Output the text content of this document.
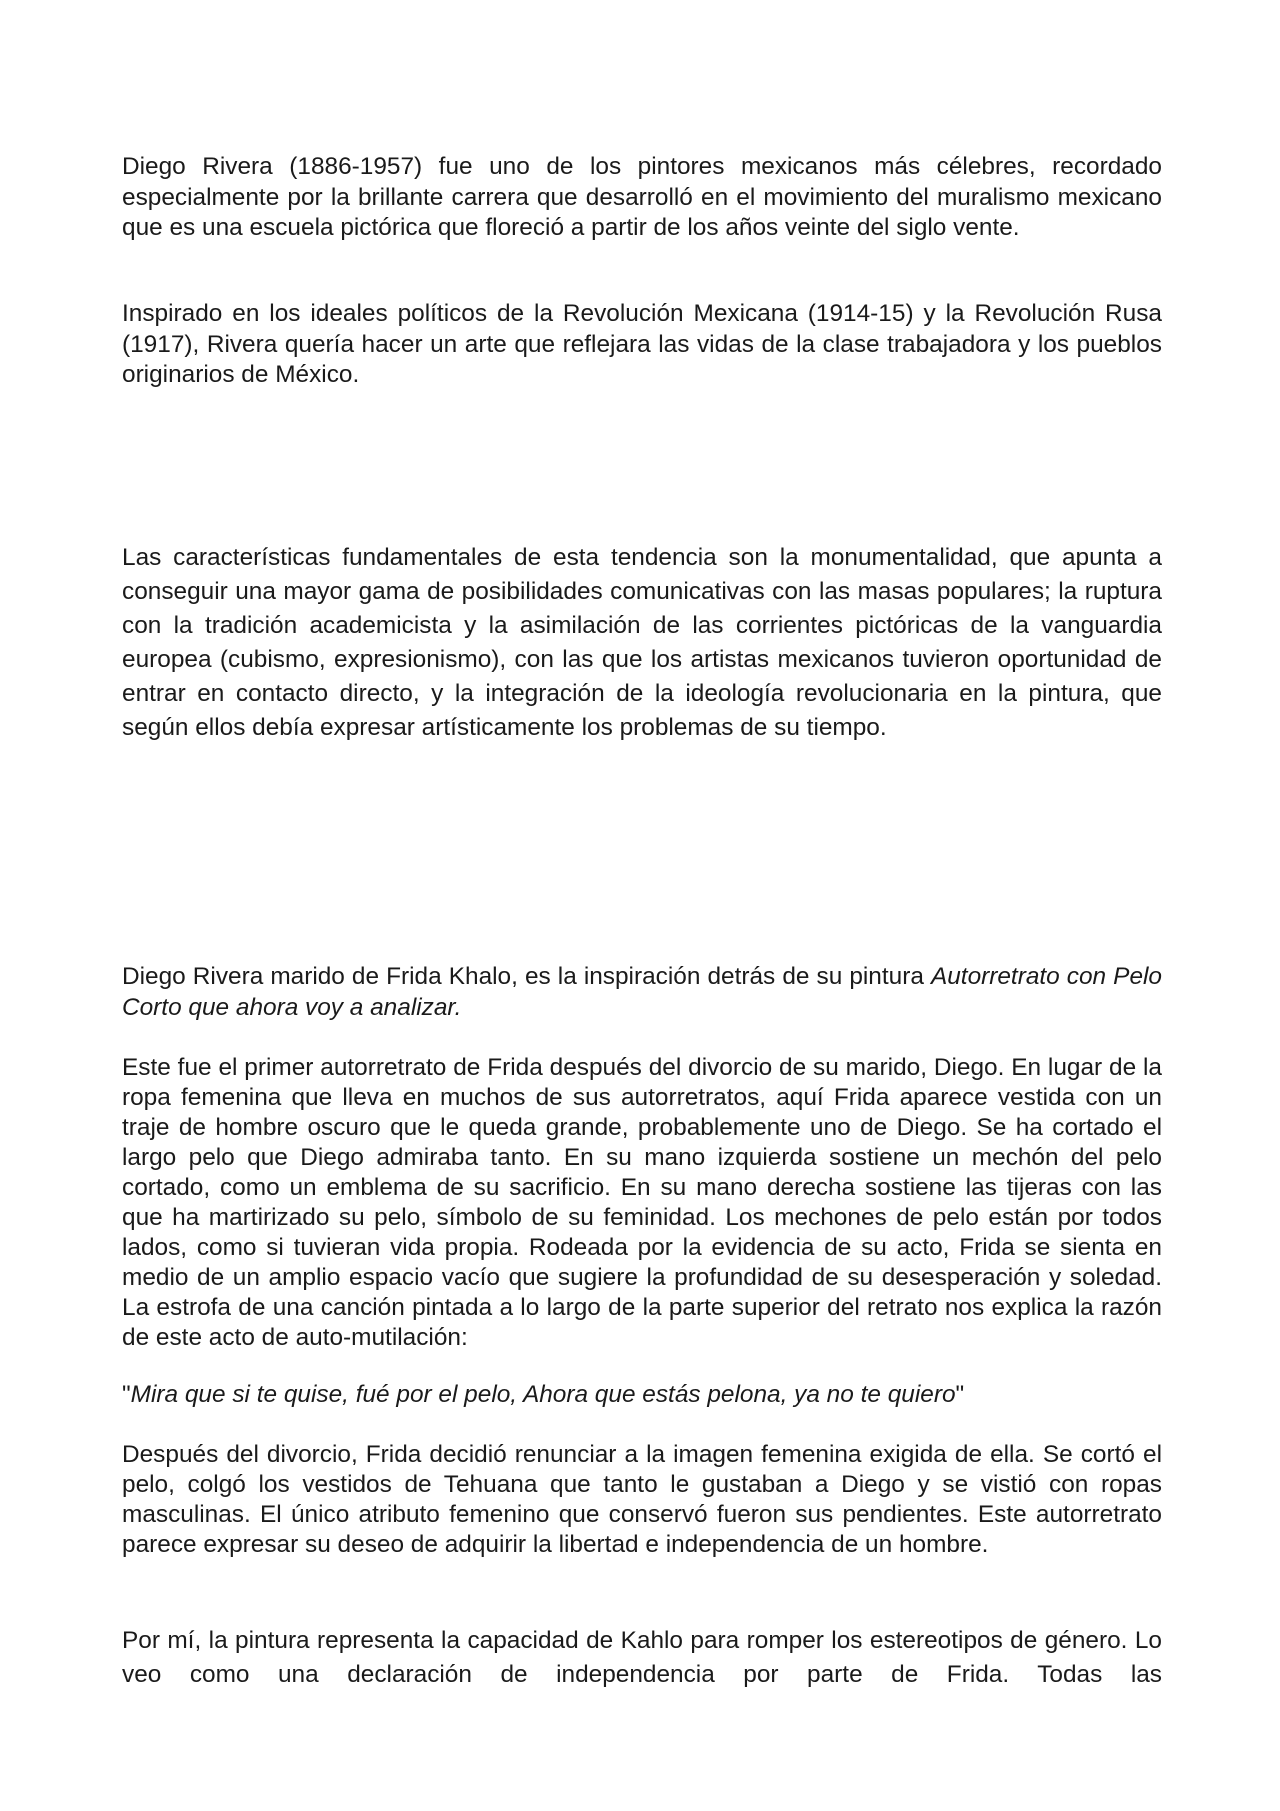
Diego Rivera (1886-1957) fue uno de los pintores mexicanos más célebres, recordado especialmente por la brillante carrera que desarrolló en el movimiento del muralismo mexicano que es una escuela pictórica que floreció a partir de los años veinte del siglo vente.

Inspirado en los ideales políticos de la Revolución Mexicana (1914-15) y la Revolución Rusa (1917), Rivera quería hacer un arte que reflejara las vidas de la clase trabajadora y los pueblos originarios de México.

Las características fundamentales de esta tendencia son la monumentalidad, que apunta a conseguir una mayor gama de posibilidades comunicativas con las masas populares; la ruptura con la tradición academicista y la asimilación de las corrientes pictóricas de la vanguardia europea (cubismo, expresionismo), con las que los artistas mexicanos tuvieron oportunidad de entrar en contacto directo, y la integración de la ideología revolucionaria en la pintura, que según ellos debía expresar artísticamente los problemas de su tiempo.

Diego Rivera marido de Frida Khalo, es la inspiración detrás de su pintura Autorretrato con Pelo Corto que ahora voy a analizar.

Este fue el primer autorretrato de Frida después del divorcio de su marido, Diego. En lugar de la ropa femenina que lleva en muchos de sus autorretratos, aquí Frida aparece vestida con un traje de hombre oscuro que le queda grande, probablemente uno de Diego. Se ha cortado el largo pelo que Diego admiraba tanto. En su mano izquierda sostiene un mechón del pelo cortado, como un emblema de su sacrificio. En su mano derecha sostiene las tijeras con las que ha martirizado su pelo, símbolo de su feminidad. Los mechones de pelo están por todos lados, como si tuvieran vida propia. Rodeada por la evidencia de su acto, Frida se sienta en medio de un amplio espacio vacío que sugiere la profundidad de su desesperación y soledad. La estrofa de una canción pintada a lo largo de la parte superior del retrato nos explica la razón de este acto de auto-mutilación:

"Mira que si te quise, fué por el pelo, Ahora que estás pelona, ya no te quiero"

Después del divorcio, Frida decidió renunciar a la imagen femenina exigida de ella. Se cortó el pelo, colgó los vestidos de Tehuana que tanto le gustaban a Diego y se vistió con ropas masculinas. El único atributo femenino que conservó fueron sus pendientes. Este autorretrato parece expresar su deseo de adquirir la libertad e independencia de un hombre.

Por mí, la pintura representa la capacidad de Kahlo para romper los estereotipos de género. Lo veo como una declaración de independencia por parte de Frida. Todas las
